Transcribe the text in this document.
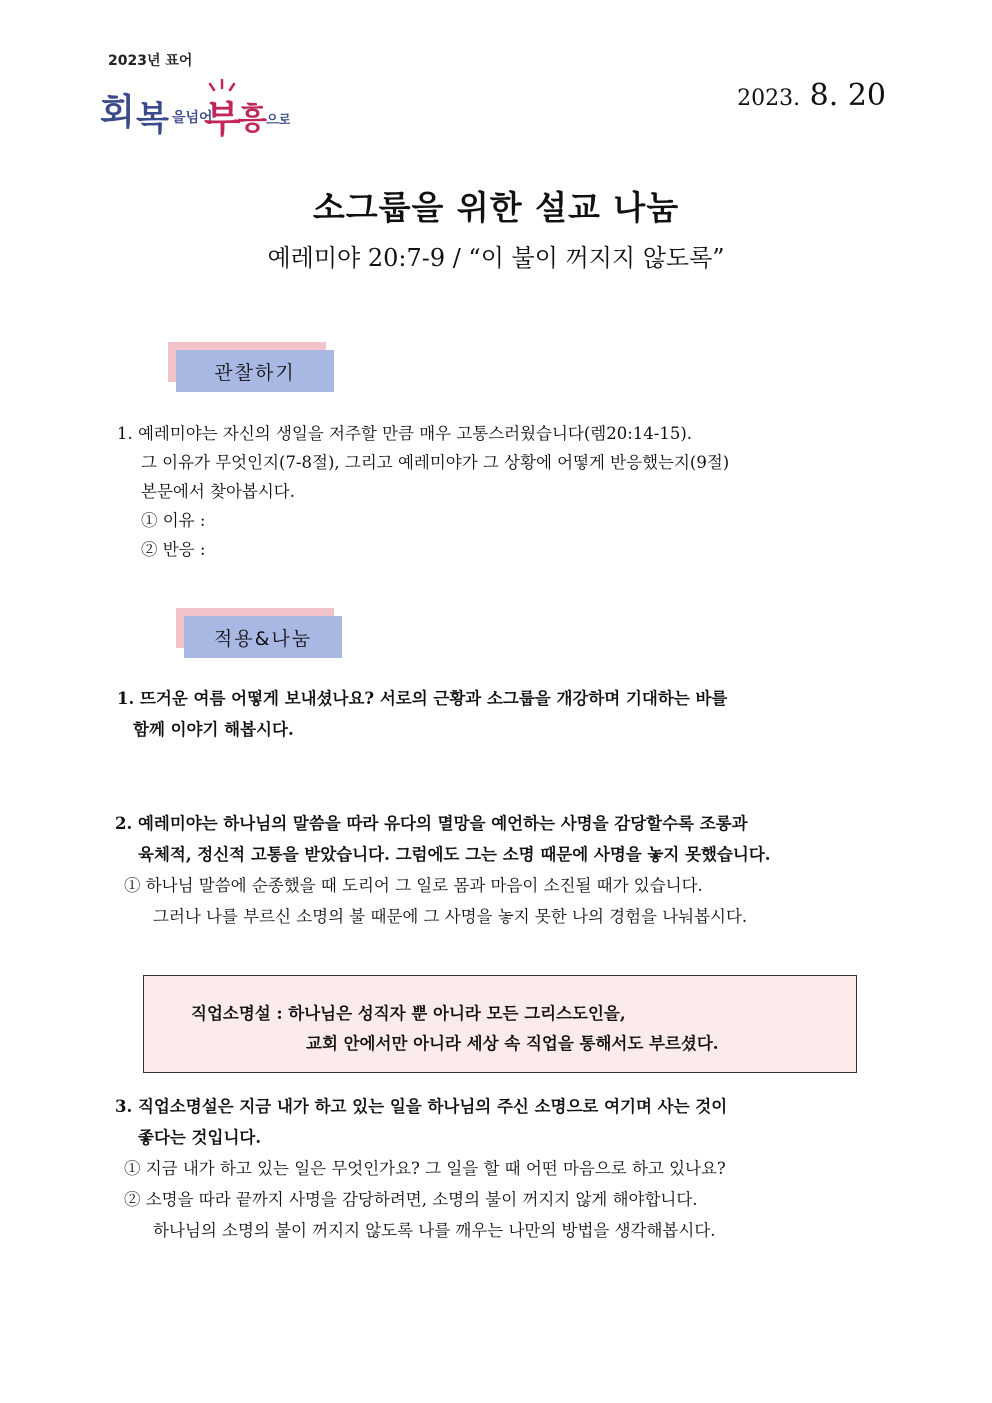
2023년 표어
회 복 을넘어
부
흥 으로
2023. 8. 20
소그룹을 위한 설교 나눔
예레미야 20:7-9 / “이 불이 꺼지지 않도록”
관찰하기
1. 예레미야는 자신의 생일을 저주할 만큼 매우 고통스러웠습니다(렘20:14-15).
그 이유가 무엇인지(7-8절), 그리고 예레미야가 그 상황에 어떻게 반응했는지(9절)
본문에서 찾아봅시다.
① 이유 :
② 반응 :
적용&나눔
1. 뜨거운 여름 어떻게 보내셨나요? 서로의 근황과 소그룹을 개강하며 기대하는 바를
함께 이야기 해봅시다.
2. 예레미야는 하나님의 말씀을 따라 유다의 멸망을 예언하는 사명을 감당할수록 조롱과
육체적, 정신적 고통을 받았습니다. 그럼에도 그는 소명 때문에 사명을 놓지 못했습니다.
① 하나님 말씀에 순종했을 때 도리어 그 일로 몸과 마음이 소진될 때가 있습니다.
그러나 나를 부르신 소명의 불 때문에 그 사명을 놓지 못한 나의 경험을 나눠봅시다.
직업소명설 : 하나님은 성직자 뿐 아니라 모든 그리스도인을,
교회 안에서만 아니라 세상 속 직업을 통해서도 부르셨다.
3. 직업소명설은 지금 내가 하고 있는 일을 하나님의 주신 소명으로 여기며 사는 것이
좋다는 것입니다.
① 지금 내가 하고 있는 일은 무엇인가요? 그 일을 할 때 어떤 마음으로 하고 있나요?
② 소명을 따라 끝까지 사명을 감당하려면, 소명의 불이 꺼지지 않게 해야합니다.
하나님의 소명의 불이 꺼지지 않도록 나를 깨우는 나만의 방법을 생각해봅시다.
